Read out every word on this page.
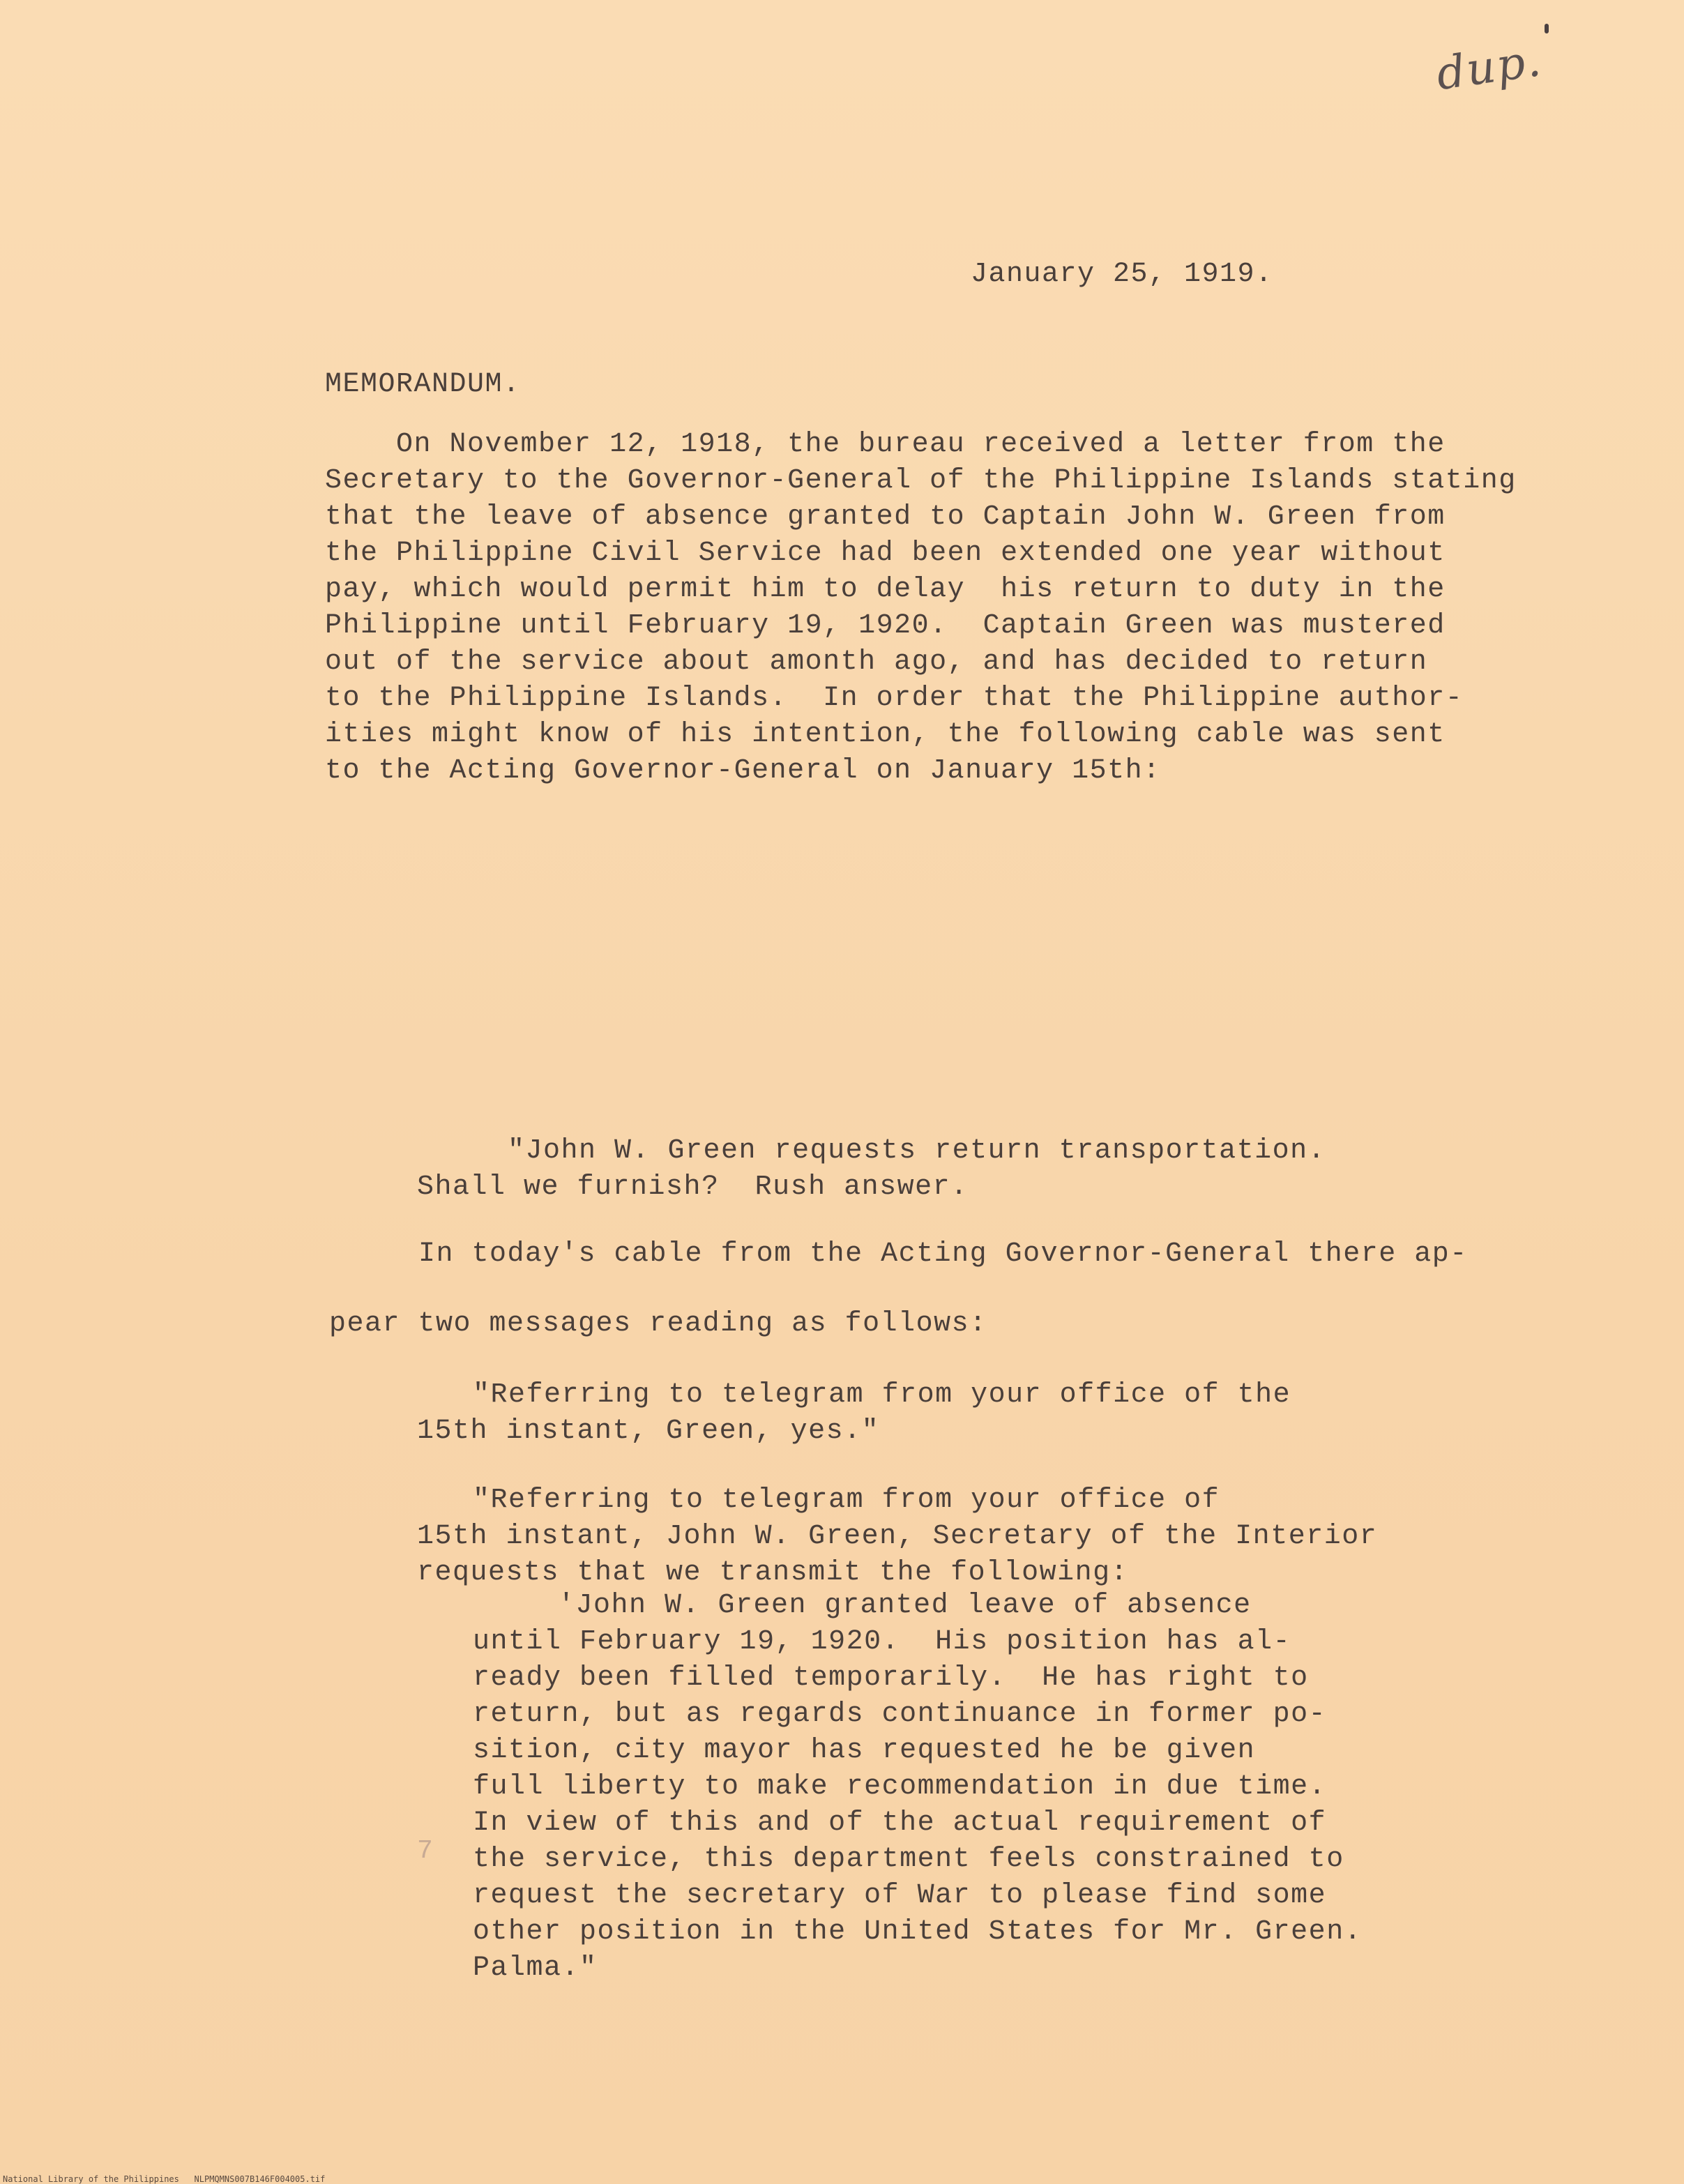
dup.
January 25, 1919.
MEMORANDUM.
On November 12, 1918, the bureau received a letter from the
Secretary to the Governor-General of the Philippine Islands stating
that the leave of absence granted to Captain John W. Green from
the Philippine Civil Service had been extended one year without
pay, which would permit him to delay  his return to duty in the
Philippine until February 19, 1920.  Captain Green was mustered
out of the service about amonth ago, and has decided to return
to the Philippine Islands.  In order that the Philippine author-
ities might know of his intention, the following cable was sent
to the Acting Governor-General on January 15th:
"John W. Green requests return transportation.
Shall we furnish?  Rush answer.
In today's cable from the Acting Governor-General there ap-
pear two messages reading as follows:
"Referring to telegram from your office of the
15th instant, Green, yes."
"Referring to telegram from your office of
15th instant, John W. Green, Secretary of the Interior
requests that we transmit the following:
'John W. Green granted leave of absence
until February 19, 1920.  His position has al-
ready been filled temporarily.  He has right to
return, but as regards continuance in former po-
sition, city mayor has requested he be given
full liberty to make recommendation in due time.
In view of this and of the actual requirement of
the service, this department feels constrained to
request the secretary of War to please find some
other position in the United States for Mr. Green.
Palma."
7
National Library of the Philippines   NLPMQMNS007B146F004005.tif
